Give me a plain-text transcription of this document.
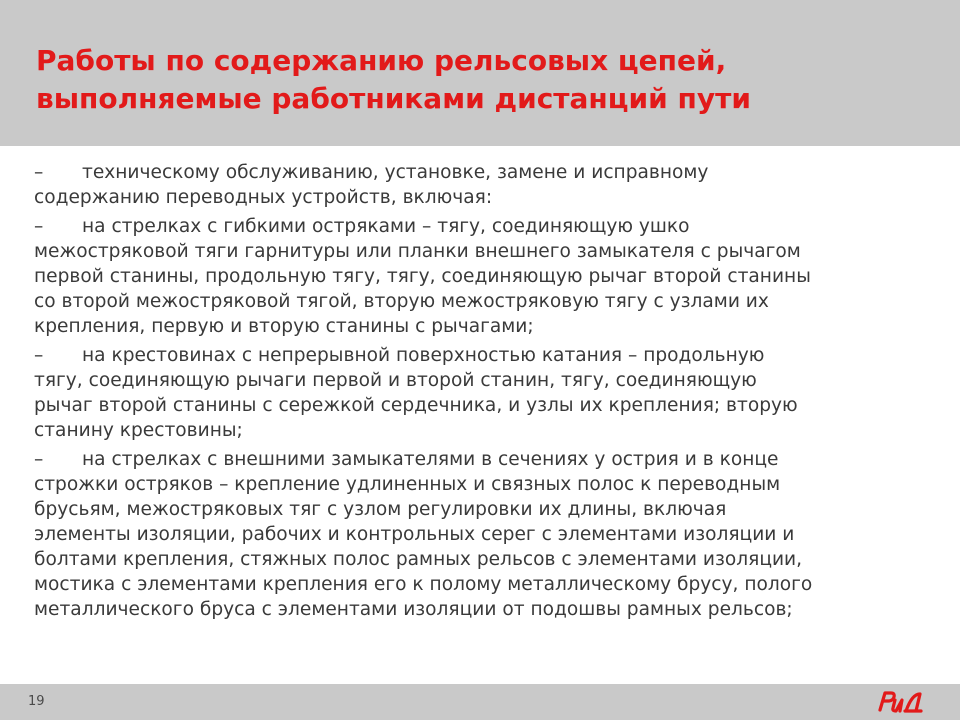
Работы по содержанию рельсовых цепей,
выполняемые работниками дистанций пути
– техническому обслуживанию, установке, замене и исправному
содержанию переводных устройств, включая:
– на стрелках с гибкими остряками – тягу, соединяющую ушко
межостряковой тяги гарнитуры или планки внешнего замыкателя с рычагом
первой станины, продольную тягу, тягу, соединяющую рычаг второй станины
со второй межостряковой тягой, вторую межостряковую тягу с узлами их
крепления, первую и вторую станины с рычагами;
– на крестовинах с непрерывной поверхностью катания – продольную
тягу, соединяющую рычаги первой и второй станин, тягу, соединяющую
рычаг второй станины с сережкой сердечника, и узлы их крепления; вторую
станину крестовины;
– на стрелках с внешними замыкателями в сечениях у острия и в конце
строжки остряков – крепление удлиненных и связных полос к переводным
брусьям, межостряковых тяг с узлом регулировки их длины, включая
элементы изоляции, рабочих и контрольных серег с элементами изоляции и
болтами крепления, стяжных полос рамных рельсов с элементами изоляции,
мостика с элементами крепления его к полому металлическому брусу, полого
металлического бруса с элементами изоляции от подошвы рамных рельсов;
19
